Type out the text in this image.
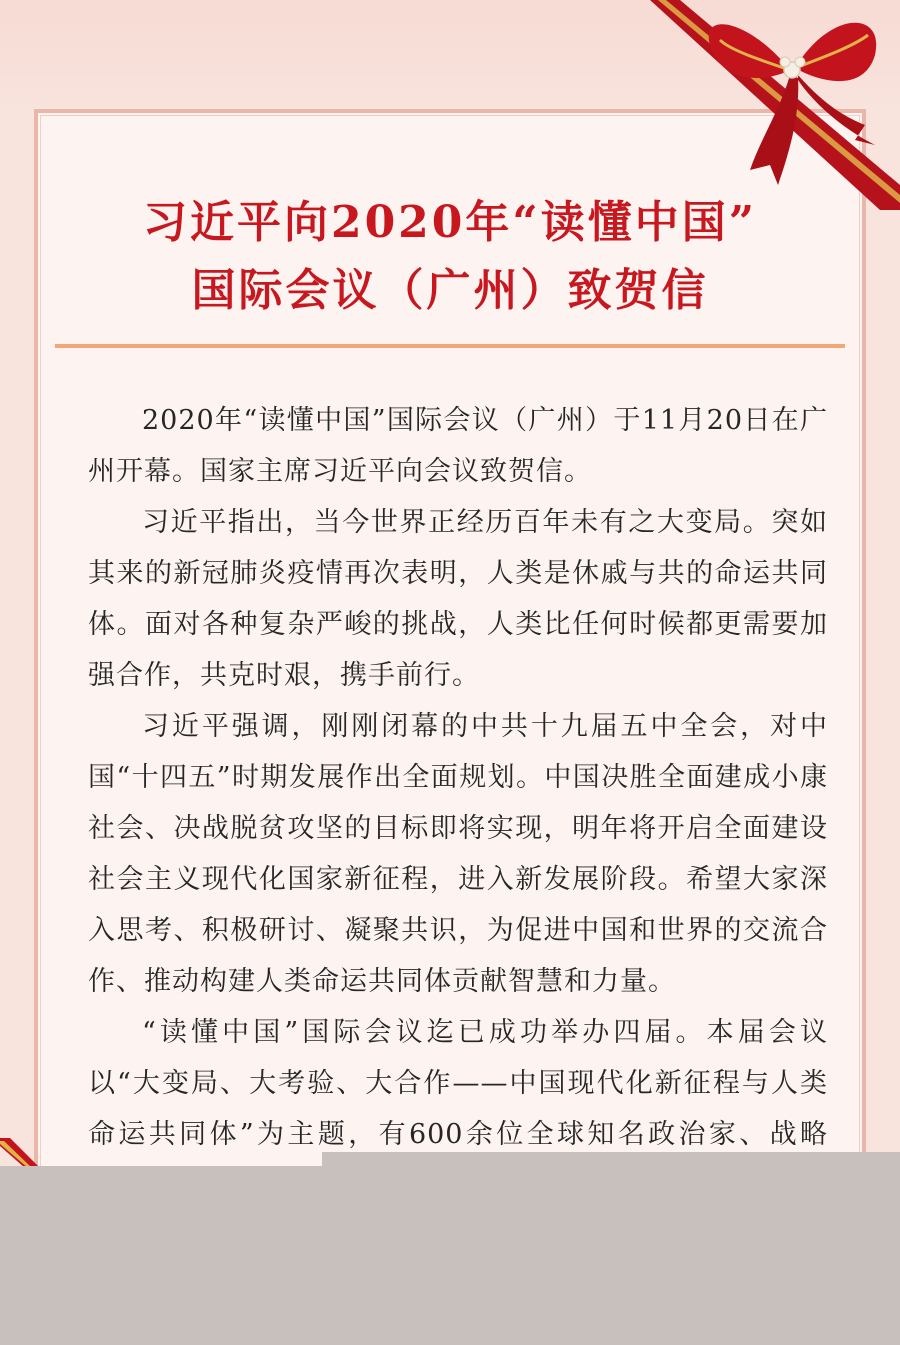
习近平向2020年“读懂中国”
国际会议（广州）致贺信

2020年“读懂中国”国际会议（广州）于11月20日在广州开幕。国家主席习近平向会议致贺信。

习近平指出，当今世界正经历百年未有之大变局。突如其来的新冠肺炎疫情再次表明，人类是休戚与共的命运共同体。面对各种复杂严峻的挑战，人类比任何时候都更需要加强合作，共克时艰，携手前行。

习近平强调，刚刚闭幕的中共十九届五中全会，对中国“十四五”时期发展作出全面规划。中国决胜全面建成小康社会、决战脱贫攻坚的目标即将实现，明年将开启全面建设社会主义现代化国家新征程，进入新发展阶段。希望大家深入思考、积极研讨、凝聚共识，为促进中国和世界的交流合作、推动构建人类命运共同体贡献智慧和力量。

“读懂中国”国际会议迄已成功举办四届。本届会议以“大变局、大考验、大合作——中国现代化新征程与人类命运共同体”为主题，有600余位全球知名政治家、战略
